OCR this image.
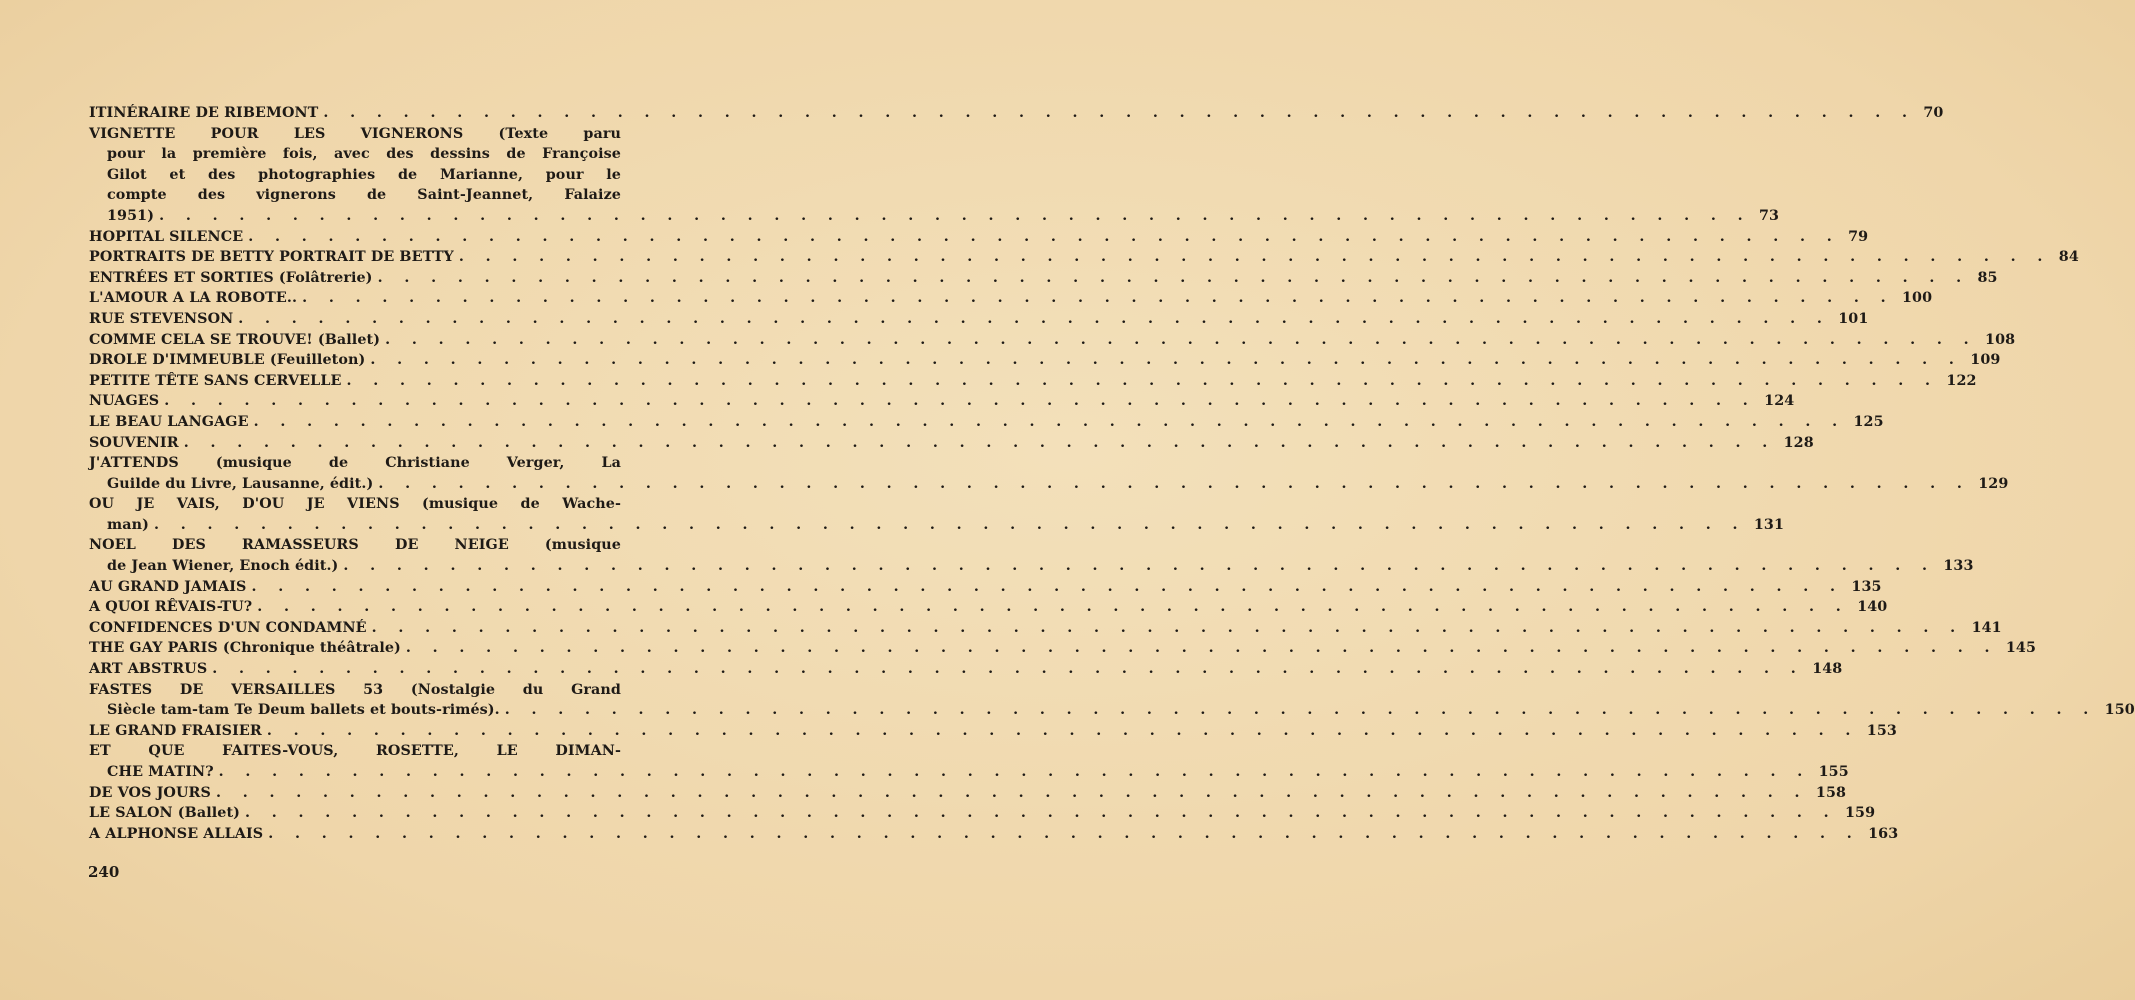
ITINÉRAIRE DE RIBEMONT . . . . . . . . . . . . . . . . . . . . . . . . . . . . . . . . . . . . . . . . . . . . . . . . . . . . . . . . . . . . 70
VIGNETTE POUR LES VIGNERONS (Texte paru
pour la première fois, avec des dessins de Françoise
Gilot et des photographies de Marianne, pour le
compte des vignerons de Saint-Jeannet, Falaize
1951) . . . . . . . . . . . . . . . . . . . . . . . . . . . . . . . . . . . . . . . . . . . . . . . . . . . . . . . . . . . . 73
HOPITAL SILENCE . . . . . . . . . . . . . . . . . . . . . . . . . . . . . . . . . . . . . . . . . . . . . . . . . . . . . . . . . . . . 79
PORTRAITS DE BETTY PORTRAIT DE BETTY . . . . . . . . . . . . . . . . . . . . . . . . . . . . . . . . . . . . . . . . . . . . . . . . . . . . . . . . . . . . 84
ENTRÉES ET SORTIES (Folâtrerie) . . . . . . . . . . . . . . . . . . . . . . . . . . . . . . . . . . . . . . . . . . . . . . . . . . . . . . . . . . . . 85
L'AMOUR A LA ROBOTE.. . . . . . . . . . . . . . . . . . . . . . . . . . . . . . . . . . . . . . . . . . . . . . . . . . . . . . . . . . . . . 100
RUE STEVENSON . . . . . . . . . . . . . . . . . . . . . . . . . . . . . . . . . . . . . . . . . . . . . . . . . . . . . . . . . . . . 101
COMME CELA SE TROUVE! (Ballet) . . . . . . . . . . . . . . . . . . . . . . . . . . . . . . . . . . . . . . . . . . . . . . . . . . . . . . . . . . . . 108
DROLE D'IMMEUBLE (Feuilleton) . . . . . . . . . . . . . . . . . . . . . . . . . . . . . . . . . . . . . . . . . . . . . . . . . . . . . . . . . . . . 109
PETITE TÊTE SANS CERVELLE . . . . . . . . . . . . . . . . . . . . . . . . . . . . . . . . . . . . . . . . . . . . . . . . . . . . . . . . . . . . 122
NUAGES . . . . . . . . . . . . . . . . . . . . . . . . . . . . . . . . . . . . . . . . . . . . . . . . . . . . . . . . . . . . 124
LE BEAU LANGAGE . . . . . . . . . . . . . . . . . . . . . . . . . . . . . . . . . . . . . . . . . . . . . . . . . . . . . . . . . . . . 125
SOUVENIR . . . . . . . . . . . . . . . . . . . . . . . . . . . . . . . . . . . . . . . . . . . . . . . . . . . . . . . . . . . . 128
J'ATTENDS (musique de Christiane Verger, La
Guilde du Livre, Lausanne, édit.) . . . . . . . . . . . . . . . . . . . . . . . . . . . . . . . . . . . . . . . . . . . . . . . . . . . . . . . . . . . . 129
OU JE VAIS, D'OU JE VIENS (musique de Wache-
man) . . . . . . . . . . . . . . . . . . . . . . . . . . . . . . . . . . . . . . . . . . . . . . . . . . . . . . . . . . . . 131
NOEL DES RAMASSEURS DE NEIGE (musique
de Jean Wiener, Enoch édit.) . . . . . . . . . . . . . . . . . . . . . . . . . . . . . . . . . . . . . . . . . . . . . . . . . . . . . . . . . . . . 133
AU GRAND JAMAIS . . . . . . . . . . . . . . . . . . . . . . . . . . . . . . . . . . . . . . . . . . . . . . . . . . . . . . . . . . . . 135
A QUOI RÊVAIS-TU? . . . . . . . . . . . . . . . . . . . . . . . . . . . . . . . . . . . . . . . . . . . . . . . . . . . . . . . . . . . . 140
CONFIDENCES D'UN CONDAMNÉ . . . . . . . . . . . . . . . . . . . . . . . . . . . . . . . . . . . . . . . . . . . . . . . . . . . . . . . . . . . . 141
THE GAY PARIS (Chronique théâtrale) . . . . . . . . . . . . . . . . . . . . . . . . . . . . . . . . . . . . . . . . . . . . . . . . . . . . . . . . . . . . 145
ART ABSTRUS . . . . . . . . . . . . . . . . . . . . . . . . . . . . . . . . . . . . . . . . . . . . . . . . . . . . . . . . . . . . 148
FASTES DE VERSAILLES 53 (Nostalgie du Grand
Siècle tam-tam Te Deum ballets et bouts-rimés). . . . . . . . . . . . . . . . . . . . . . . . . . . . . . . . . . . . . . . . . . . . . . . . . . . . . . . . . . . . . 150
LE GRAND FRAISIER . . . . . . . . . . . . . . . . . . . . . . . . . . . . . . . . . . . . . . . . . . . . . . . . . . . . . . . . . . . . 153
ET QUE FAITES-VOUS, ROSETTE, LE DIMAN-
CHE MATIN? . . . . . . . . . . . . . . . . . . . . . . . . . . . . . . . . . . . . . . . . . . . . . . . . . . . . . . . . . . . . 155
DE VOS JOURS . . . . . . . . . . . . . . . . . . . . . . . . . . . . . . . . . . . . . . . . . . . . . . . . . . . . . . . . . . . . 158
LE SALON (Ballet) . . . . . . . . . . . . . . . . . . . . . . . . . . . . . . . . . . . . . . . . . . . . . . . . . . . . . . . . . . . . 159
A ALPHONSE ALLAIS . . . . . . . . . . . . . . . . . . . . . . . . . . . . . . . . . . . . . . . . . . . . . . . . . . . . . . . . . . . . 163
240
